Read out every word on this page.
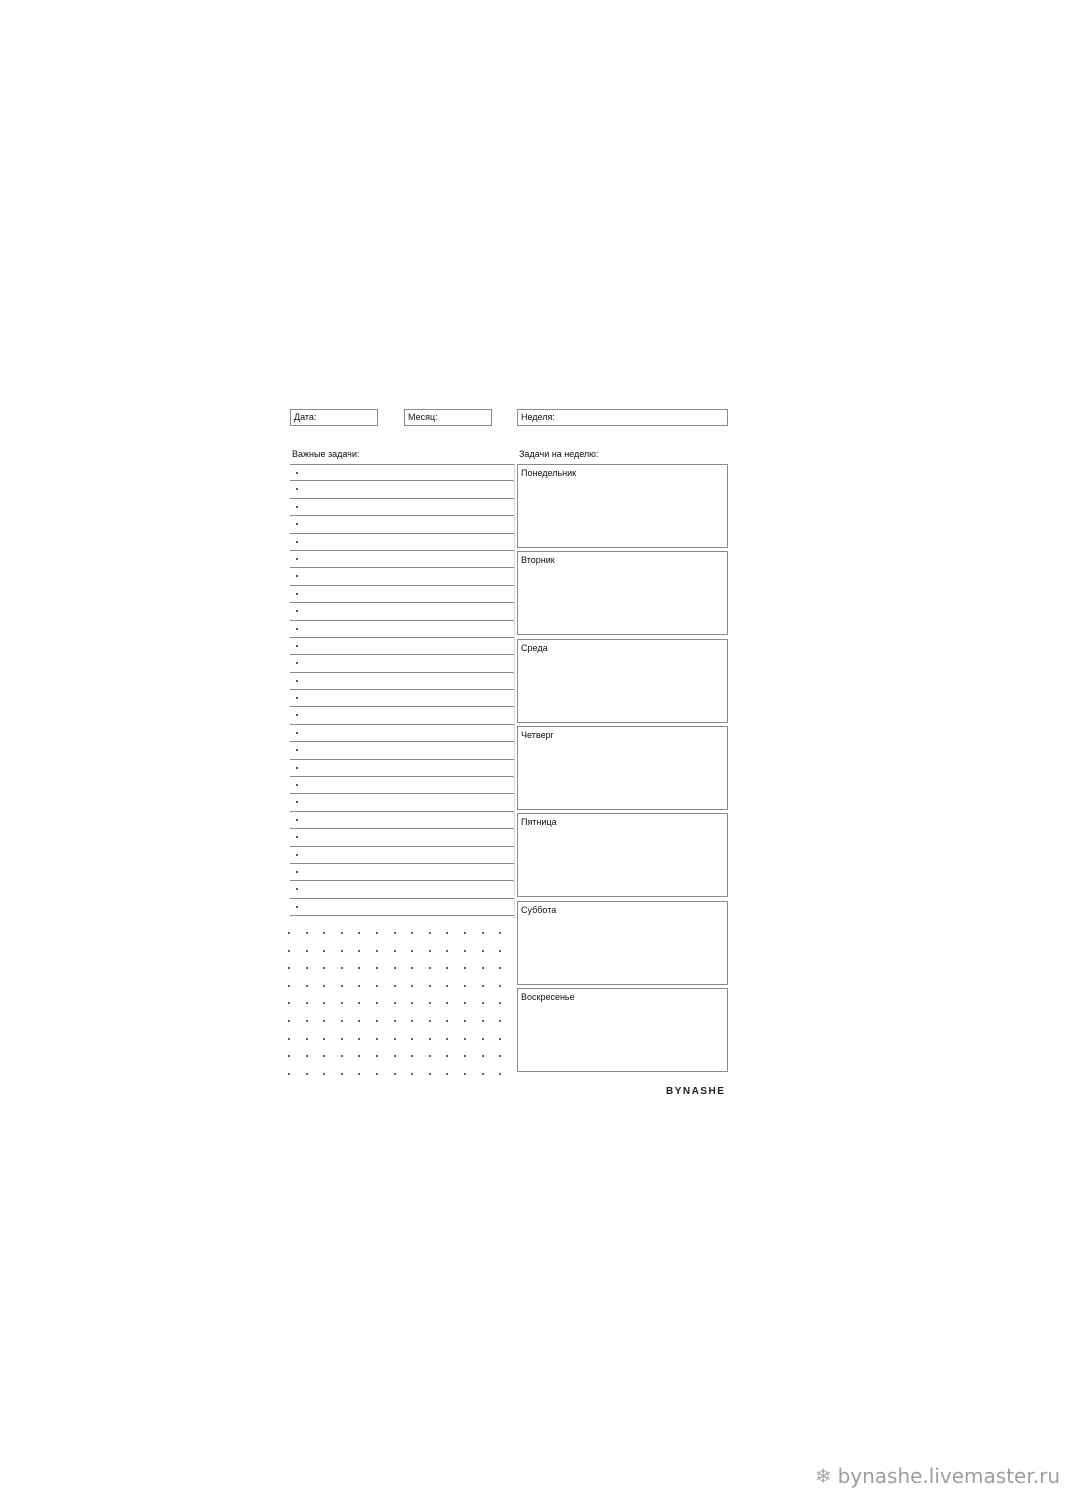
Дата:	Месяц:	Неделя:
Важные задачи:	Задачи на неделю:
Понедельник
Вторник
Среда
Четверг
Пятница
Суббота
Воскресенье
BYNASHE
❄ bynashe.livemaster.ru
